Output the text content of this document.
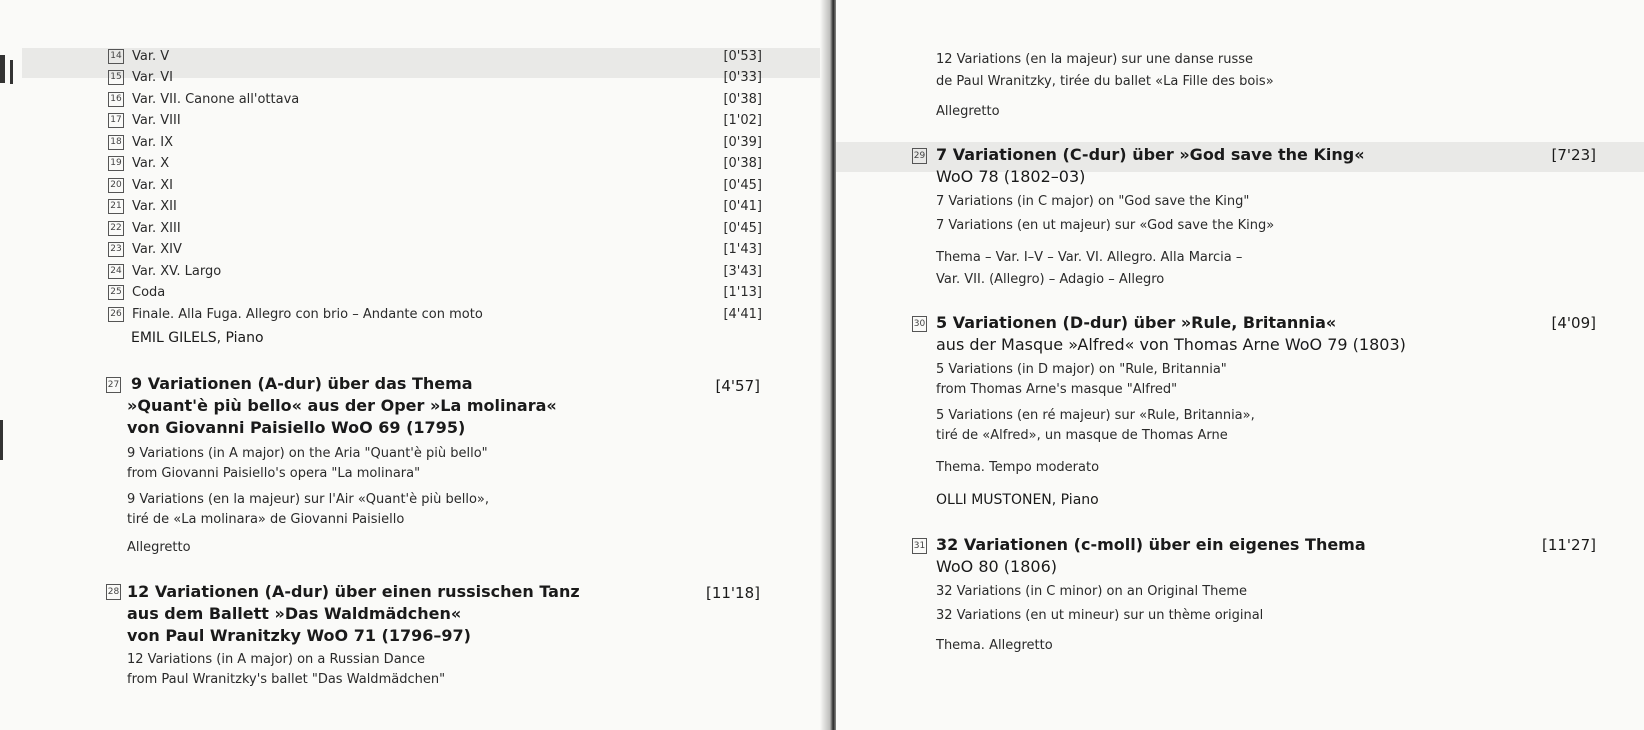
14 Var. V	[0'53]
15 Var. VI	[0'33]
16 Var. VII. Canone all'ottava	[0'38]
17 Var. VIII	[1'02]
18 Var. IX	[0'39]
19 Var. X	[0'38]
20 Var. XI	[0'45]
21 Var. XII	[0'41]
22 Var. XIII	[0'45]
23 Var. XIV	[1'43]
24 Var. XV. Largo	[3'43]
25 Coda	[1'13]
26 Finale. Alla Fuga. Allegro con brio – Andante con moto	[4'41]
EMIL GILELS, Piano
27 9 Variationen (A-dur) über das Thema
»Quant'è più bello« aus der Oper »La molinara«
von Giovanni Paisiello WoO 69 (1795)
[4'57]
9 Variations (in A major) on the Aria "Quant'è più bello"
from Giovanni Paisiello's opera "La molinara"
9 Variations (en la majeur) sur l'Air «Quant'è più bello»,
tiré de «La molinara» de Giovanni Paisiello
Allegretto
28 12 Variationen (A-dur) über einen russischen Tanz
aus dem Ballett »Das Waldmädchen«
von Paul Wranitzky WoO 71 (1796–97)
[11'18]
12 Variations (in A major) on a Russian Dance
from Paul Wranitzky's ballet "Das Waldmädchen"
12 Variations (en la majeur) sur une danse russe
de Paul Wranitzky, tirée du ballet «La Fille des bois»
Allegretto
29 7 Variationen (C-dur) über »God save the King«
WoO 78 (1802–03)
[7'23]
7 Variations (in C major) on "God save the King"
7 Variations (en ut majeur) sur «God save the King»
Thema – Var. I–V – Var. VI. Allegro. Alla Marcia –
Var. VII. (Allegro) – Adagio – Allegro
30 5 Variationen (D-dur) über »Rule, Britannia«
aus der Masque »Alfred« von Thomas Arne WoO 79 (1803)
[4'09]
5 Variations (in D major) on "Rule, Britannia"
from Thomas Arne's masque "Alfred"
5 Variations (en ré majeur) sur «Rule, Britannia»,
tiré de «Alfred», un masque de Thomas Arne
Thema. Tempo moderato
OLLI MUSTONEN, Piano
31 32 Variationen (c-moll) über ein eigenes Thema
WoO 80 (1806)
[11'27]
32 Variations (in C minor) on an Original Theme
32 Variations (en ut mineur) sur un thème original
Thema. Allegretto
